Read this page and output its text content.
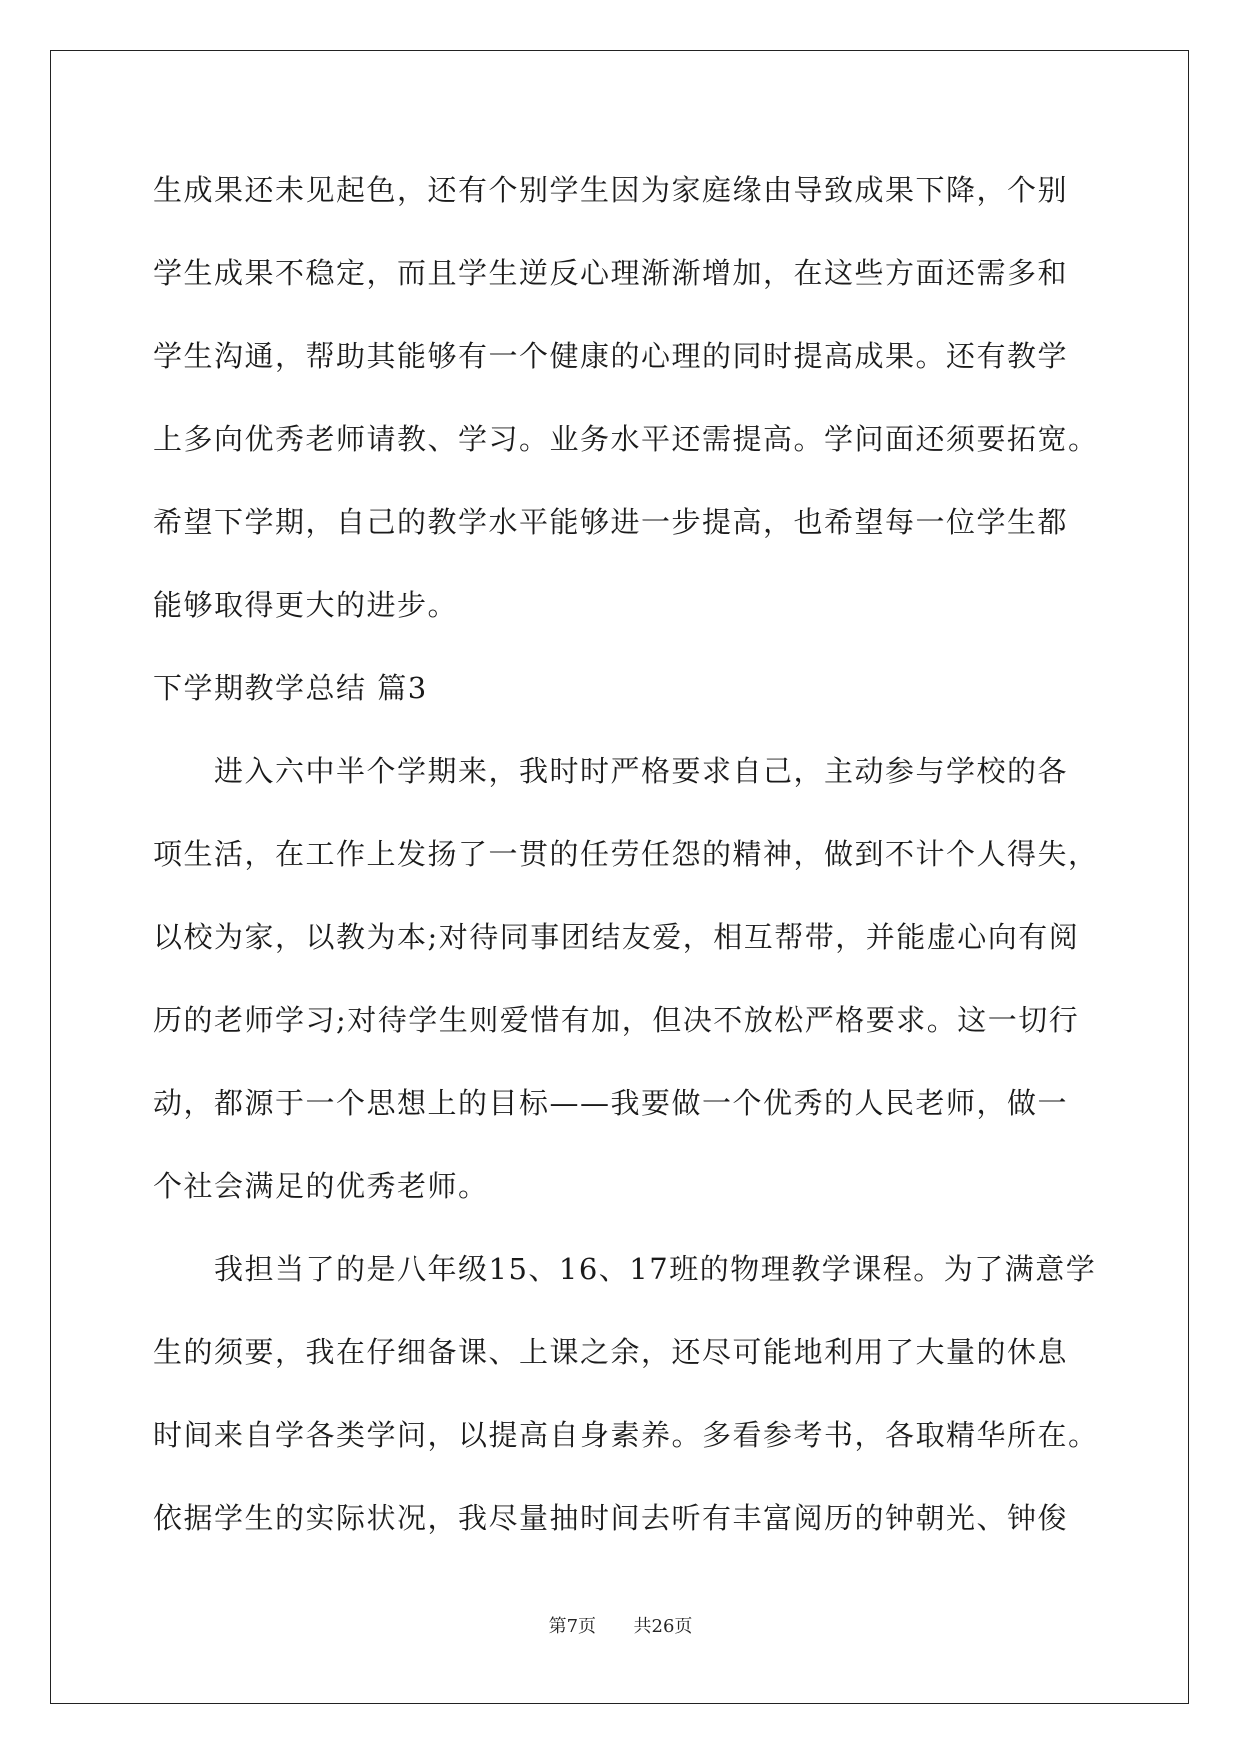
生成果还未见起色，还有个别学生因为家庭缘由导致成果下降，个别
学生成果不稳定，而且学生逆反心理渐渐增加，在这些方面还需多和
学生沟通，帮助其能够有一个健康的心理的同时提高成果。还有教学
上多向优秀老师请教、学习。业务水平还需提高。学问面还须要拓宽。
希望下学期，自己的教学水平能够进一步提高，也希望每一位学生都
能够取得更大的进步。
下学期教学总结 篇3
　　进入六中半个学期来，我时时严格要求自己，主动参与学校的各
项生活，在工作上发扬了一贯的任劳任怨的精神，做到不计个人得失，
以校为家，以教为本;对待同事团结友爱，相互帮带，并能虚心向有阅
历的老师学习;对待学生则爱惜有加，但决不放松严格要求。这一切行
动，都源于一个思想上的目标——我要做一个优秀的人民老师，做一
个社会满足的优秀老师。
　　我担当了的是八年级15、16、17班的物理教学课程。为了满意学
生的须要，我在仔细备课、上课之余，还尽可能地利用了大量的休息
时间来自学各类学问，以提高自身素养。多看参考书，各取精华所在。
依据学生的实际状况，我尽量抽时间去听有丰富阅历的钟朝光、钟俊
第7页 　 共26页
